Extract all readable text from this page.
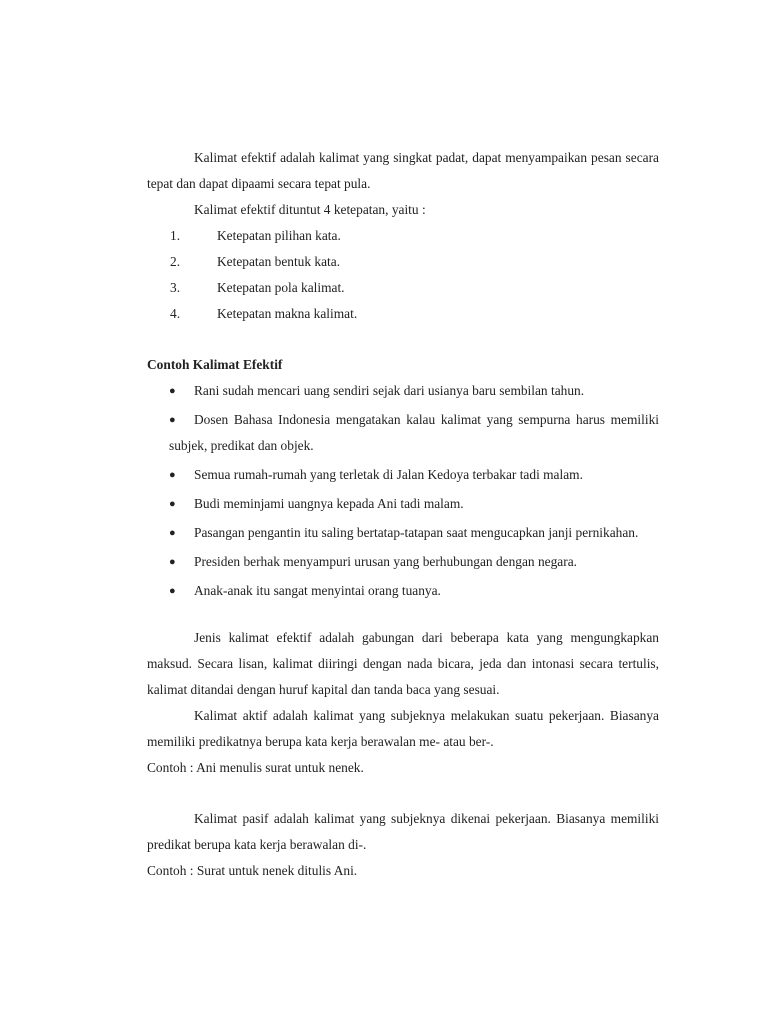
Kalimat efektif adalah kalimat yang singkat padat, dapat menyampaikan pesan secara tepat dan dapat dipaami secara tepat pula.

Kalimat efektif dituntut 4 ketepatan, yaitu :

1.	Ketepatan pilihan kata.
2.	Ketepatan bentuk kata.
3.	Ketepatan pola kalimat.
4.	Ketepatan makna kalimat.

Contoh Kalimat Efektif

●	Rani sudah mencari uang sendiri sejak dari usianya baru sembilan tahun.
●	Dosen Bahasa Indonesia mengatakan kalau kalimat yang sempurna harus memiliki subjek, predikat dan objek.
●	Semua rumah-rumah yang terletak di Jalan Kedoya terbakar tadi malam.
●	Budi meminjami uangnya kepada Ani tadi malam.
●	Pasangan pengantin itu saling bertatap-tatapan saat mengucapkan janji pernikahan.
●	Presiden berhak menyampuri urusan yang berhubungan dengan negara.
●	Anak-anak itu sangat menyintai orang tuanya.

Jenis kalimat efektif adalah gabungan dari beberapa kata yang mengungkapkan maksud. Secara lisan, kalimat diiringi dengan nada bicara, jeda dan intonasi secara tertulis, kalimat ditandai dengan huruf kapital dan tanda baca yang sesuai.

Kalimat aktif adalah kalimat yang subjeknya melakukan suatu pekerjaan. Biasanya memiliki predikatnya berupa kata kerja berawalan me- atau ber-.

Contoh : Ani menulis surat untuk nenek.

Kalimat pasif adalah kalimat yang subjeknya dikenai pekerjaan. Biasanya memiliki predikat berupa kata kerja berawalan di-.

Contoh : Surat untuk nenek ditulis Ani.
